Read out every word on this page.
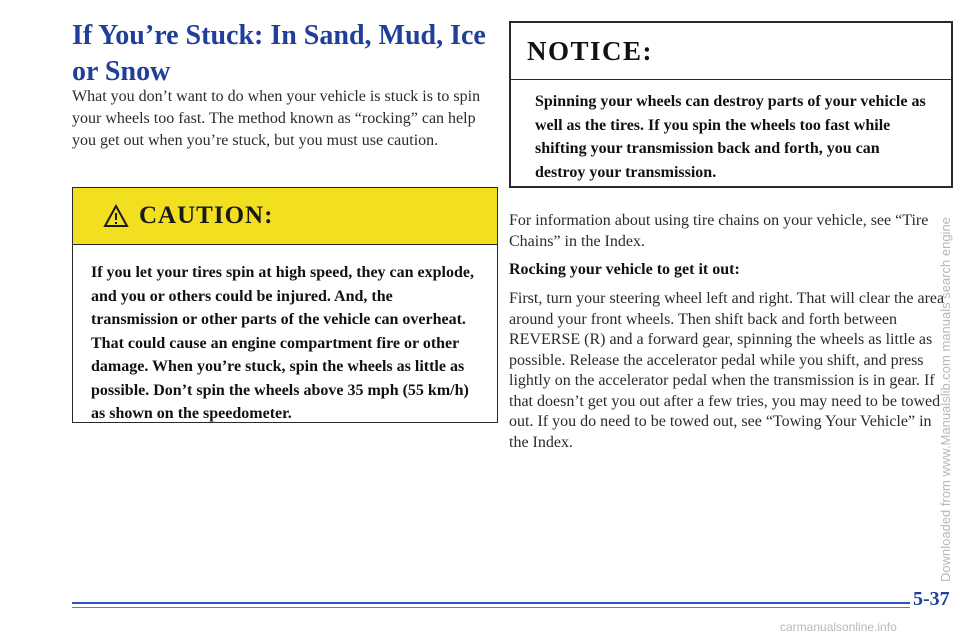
If You’re Stuck: In Sand, Mud, Ice or Snow

What you don’t want to do when your vehicle is stuck is to spin your wheels too fast. The method known as “rocking” can help you get out when you’re stuck, but you must use caution.

CAUTION:

If you let your tires spin at high speed, they can explode, and you or others could be injured. And, the transmission or other parts of the vehicle can overheat. That could cause an engine compartment fire or other damage. When you’re stuck, spin the wheels as little as possible. Don’t spin the wheels above 35 mph (55 km/h) as shown on the speedometer.

NOTICE:

Spinning your wheels can destroy parts of your vehicle as well as the tires. If you spin the wheels too fast while shifting your transmission back and forth, you can destroy your transmission.

For information about using tire chains on your vehicle, see “Tire Chains” in the Index.

Rocking your vehicle to get it out:

First, turn your steering wheel left and right. That will clear the area around your front wheels. Then shift back and forth between REVERSE (R) and a forward gear, spinning the wheels as little as possible. Release the accelerator pedal while you shift, and press lightly on the accelerator pedal when the transmission is in gear. If that doesn’t get you out after a few tries, you may need to be towed out. If you do need to be towed out, see “Towing Your Vehicle” in the Index.

5-37
Downloaded from www.Manualslib.com manuals search engine
carmanualsonline.info
